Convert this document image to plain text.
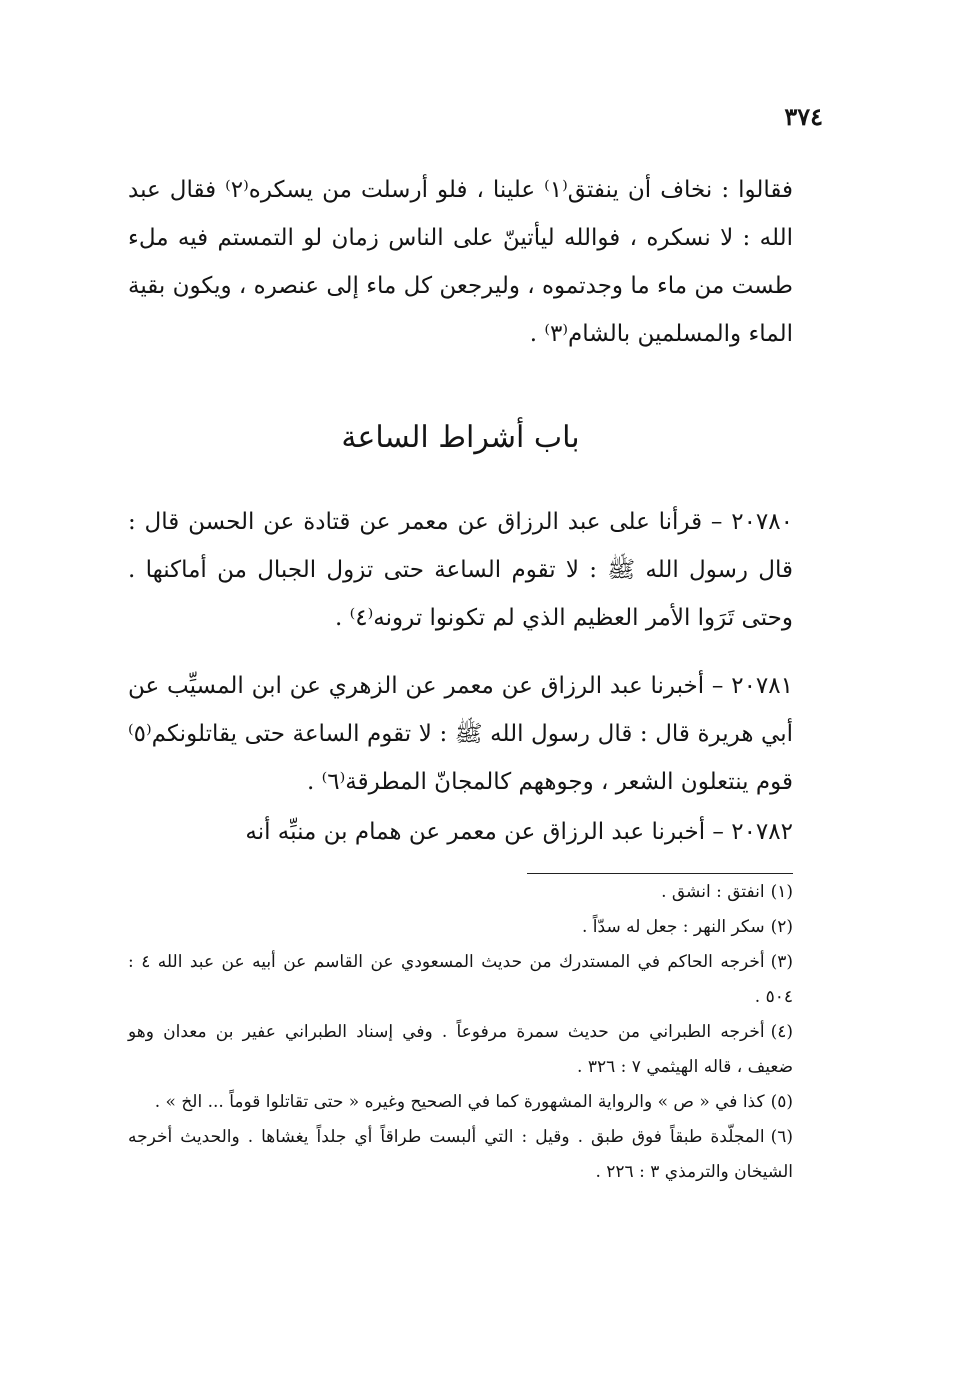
٣٧٤
فقالوا : نخاف أن ينفتق⁽١⁾ علينا ، فلو أرسلت من يسكره⁽٢⁾ فقال عبد الله : لا نسكره ، فوالله ليأتينّ على الناس زمان لو التمستم فيه ملء طست من ماء ما وجدتموه ، وليرجعن كل ماء إلى عنصره ، ويكون بقية الماء والمسلمين بالشام⁽٣⁾ .
باب أشراط الساعة
٢٠٧٨٠ – قرأنا على عبد الرزاق عن معمر عن قتادة عن الحسن قال : قال رسول الله ﷺ : لا تقوم الساعة حتى تزول الجبال من أماكنها . وحتى تَرَوا الأمر العظيم الذي لم تكونوا ترونه⁽٤⁾ .
٢٠٧٨١ – أخبرنا عبد الرزاق عن معمر عن الزهري عن ابن المسيِّب عن أبي هريرة قال : قال رسول الله ﷺ : لا تقوم الساعة حتى يقاتلونكم⁽٥⁾ قوم ينتعلون الشعر ، وجوههم كالمجانّ المطرقة⁽٦⁾ .
٢٠٧٨٢ – أخبرنا عبد الرزاق عن معمر عن همام بن منبِّه أنه

(١)انفتق : انشق .

(٢)سكر النهر : جعل له سدّاً .

(٣)أخرجه الحاكم في المستدرك من حديث المسعودي عن القاسم عن أبيه عن عبد الله ٤ : ٥٠٤ .

(٤)أخرجه الطبراني من حديث سمرة مرفوعاً . وفي إسناد الطبراني عفير بن معدان وهو ضعيف ، قاله الهيثمي ٧ : ٣٢٦ .

(٥)كذا في « ص » والرواية المشهورة كما في الصحيح وغيره « حتى تقاتلوا قوماً ... الخ » .

(٦)المجلّدة طبقاً فوق طبق . وقيل : التي ألبست طراقاً أي جلداً يغشاها . والحديث أخرجه الشيخان والترمذي ٣ : ٢٢٦ .
